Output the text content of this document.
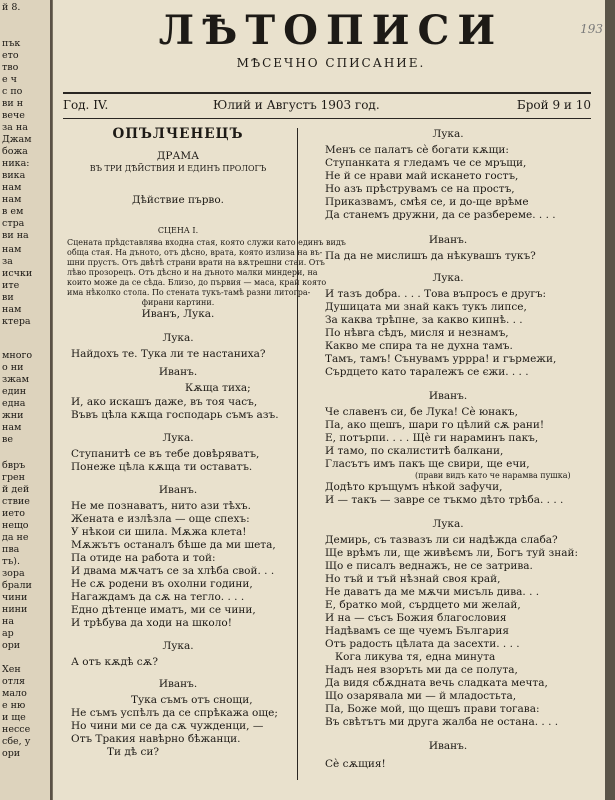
й 8.
пък
ето
тво
е ч
с по
ви н
вече
за на
Джам
божа
ника:
вика
нам
нам
в ем
стра
ви на
нам
за
исчки
ите
ви
нам
ктера
много
о ни
зжам
един
една
жни
нам
ве
бвръ
грен
й дей
ствие
ието
нещо
да не
пва
тъ).
зора
брали
чини
нини
на
ар
ори
Хен
отля
мало
е ню
и ще
нессе
сбе, у
ори
ЛѢТОПИСИ
МѢСЕЧНО СПИСАНИЕ.
193
Год. IV.	Юлий и Августъ 1903 год.	Брой 9 и 10
ОПЪЛЧЕНЕЦЪ
ДРАМА
ВЪ ТРИ ДѢЙСТВИЯ И ЕДИНЪ ПРОЛОГЪ
Дѣйствие първо.
СЦЕНА I.
Сцената прѣдставлява входна стая, която служи като единъ видъ
обща стая. На дъното, отъ дѣсно, врата, която излиза на въ-
шни прустъ. Отъ двѣтѣ страни врати на вѫтрешни стаи. Отъ
лѣво прозорецъ. Отъ дѣсно и на дъното малки миндери, на
които може да се сѣда. Близо, до първия — маса, край която
има нѣколко стола. По стената тукъ-тамѣ разни литогра-
фирани картини.
Иванъ, Лука.
Лука.
Найдохъ те. Тука ли те настаниха?
Иванъ.
Кѫща тиха;
И, ако искашъ даже, въ тоя часъ,
Въвъ цѣла кѫща господарь съмъ азъ.
Лука.
Ступанитѣ се въ тебе довѣряватъ,
Понеже цѣла кѫща ти оставатъ.
Иванъ.
Не ме познаватъ, нито ази тѣхъ.
Жената е излѣзла — още спехъ:
У нѣкои си шила. Мѫжа клета!
Мѫжътъ останалъ бѣше да ми шета,
Па отиде на работа и той:
И двама мѫчатъ се за хлѣба свой. . .
Не сѫ родени въ охолни години,
Нагаждамъ да сѫ на тегло. . . .
Едно дѣтенце иматъ, ми се чини,
И трѣбува да ходи на школо!
Лука.
А отъ кѫдѣ сѫ?
Иванъ.
Тука съмъ отъ снощи,
Не съмъ успѣлъ да се спрѣкажа още;
Но чини ми се да сѫ чужденци, —
Отъ Тракия навѣрно бѣжанци.
Ти дѣ си?
Лука.
Менъ се палатъ сѐ богати кѫщи:
Ступанката я гледамъ че се мръщи,
Не й се нрави май искането гостъ,
Но азъ прѣструвамъ се на простъ,
Приказвамъ, смѣя се, и до-ще врѣме
Да станемъ дружни, да се разберемe. . . .
Иванъ.
Па да не мислишъ да нѣкувашъ тукъ?
Лука.
И тазъ добра. . . . Това въпросъ е другъ:
Душицата ми знай какъ тукъ липсе,
За каква трѣпне, за какво кипнѣ. . .
По нѣвга сѣдъ, мисля и незнамъ,
Какво ме спира та не духна тамъ.
Тамъ, тамъ! Сънувамъ уррра! и гърмежи,
Сърдцето като таралежъ се єжи. . . .
Иванъ.
Че славенъ си, бе Лука! Сѐ юнакъ,
Па, ако щешъ, шари го цѣлий сѫ рани!
Е, потърпи. . . . Щѐ ги нараминъ пакъ,
И тамо, по скалиститѣ балкани,
Гласътъ имъ пакъ ще свири, ще ечи,
(прави видъ като че нарамва пушка)
Додѣто кръщумъ нѣкой зафучи,
И — такъ — завре се тъкмо дѣто трѣба. . . .
Лука.
Демирь, съ тазвазъ ли си надѣжда слаба?
Ще врѣмъ ли, ще живѣємъ ли, Богъ туй знай:
Що е писалъ веднажъ, не се затрива.
Но тъй и тъй нѣзнай своя край,
Не даватъ да ме мѫчи мисъль дива. . .
Е, братко мой, сърдцето ми желай,
И на — съсъ Божия благословия
Надѣвамъ се ще чуемъ България
Отъ радость цѣлата да засехти. . . .
Кога ликува тя, една минута
Надъ нея взоръть ми да се полута,
Да видя сбѫдната вечь сладката мечта,
Що озарявала ми — й младостьта,
Па, Боже мой, що щешъ прави тогава:
Въ свѣтътъ ми друга жалба не остана. . . .
Иванъ.
Сѐ сѫщия!
